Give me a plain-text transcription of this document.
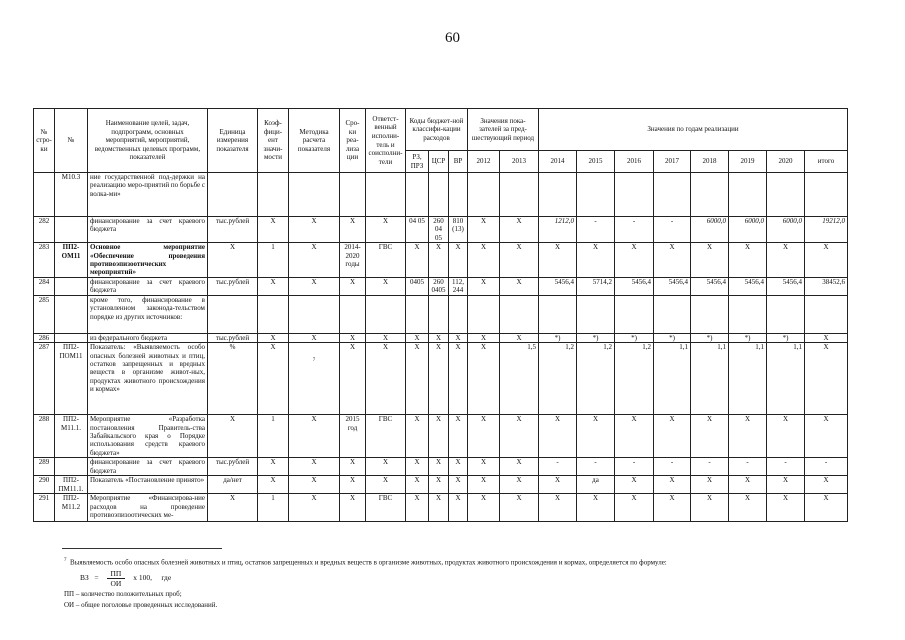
60
№ стро-ки	№	Наименование целей, задач, подпрограмм, основных мероприятий, мероприятий, ведомственных целевых программ, показателей	Единица измерения показателя	Коэф-фици-ент значи-мости	Методика расчета показателя	Сро-ки реа-лиза ции	Ответст-венный исполни-тель и соисполни-тели	Коды бюджет-ной классифи-кации расходов			Значения пока-зателей за пред-шествующий период		Значения по годам реализации							

								РЗ, ПРЗ	ЦСР	ВР	2012	2013	2014	2015	2016	2017	2018	2019	2020	итого
	М10.3	ние государственной под-держки на реализацию меро-приятий по борьбе с волка-ми»																		
282		финансирование за счет краевого бюджета	тыс.рублей	X	X	X	X	04 05	260 04 05	810 (13)	X	X	1212,0	-	-	-	6000,0	6000,0	6000,0	19212,0
283	ПП2-ОМ11	Основное мероприятие «Обеспечение проведения противоэпизоотических мероприятий»	X	1	X	2014-2020 годы	ГВС	X	X	X	X	X	X	X	X	X	X	X	X	X
284		финансирование за счет краевого бюджета	тыс.рублей	X	X	X	X	0405	260 0405	112, 244	X	X	5456,4	5714,2	5456,4	5456,4	5456,4	5456,4	5456,4	38452,6
285		кроме того, финансирование в установленном законода-тельством порядке из других источников:																		
286		из федерального бюджета	тыс.рублей	X	X	X	X	X	X	X	X	X	*)	*)	*)	*)	*)	*)	*)	X
287	ПП2-ПОМ11	Показатель: «Выявляемость особо опасных болезней животных и птиц, остатков запрещенных и вредных веществ в организме живот-ных, продуктах животного происхождения и кормах»	%	X	7	X	X	X	X	X	X	1,5	1,2	1,2	1,2	1,1	1,1	1,1	1,1	X
288	ПП2-М11.1.	Мероприятие «Разработка постановления Правитель-ства Забайкальского края о Порядке использования средств краевого бюджета»	X	1	X	2015 год	ГВС	X	X	X	X	X	X	X	X	X	X	X	X	X
289		финансирование за счет краевого бюджета	тыс.рублей	X	X	X	X	X	X	X	X	X	-	-	-	-	-	-	-	-
290	ПП2-ПМ11.1.	Показатель «Постановление принято»	да/нет	X	X	X	X	X	X	X	X	X	X	да	X	X	X	X	X	X
291	ПП2-М11.2	Мероприятие «Финансирова-ние расходов на проведение противоэпизоотических ме-	X	1	X	X	ГВС	X	X	X	X	X	X	X	X	X	X	X	X	X
$^7$ Выявляемость особо опасных болезней животных и птиц, остатков запрещенных и вредных веществ в организме животных, продуктах животного происхождения и кормах, определяется по формуле:
ВЗ = $\frac{ПП}{ОИ}$ х 100, где
ПП – количество положительных проб;
ОИ – общее поголовье проведенных исследований.
